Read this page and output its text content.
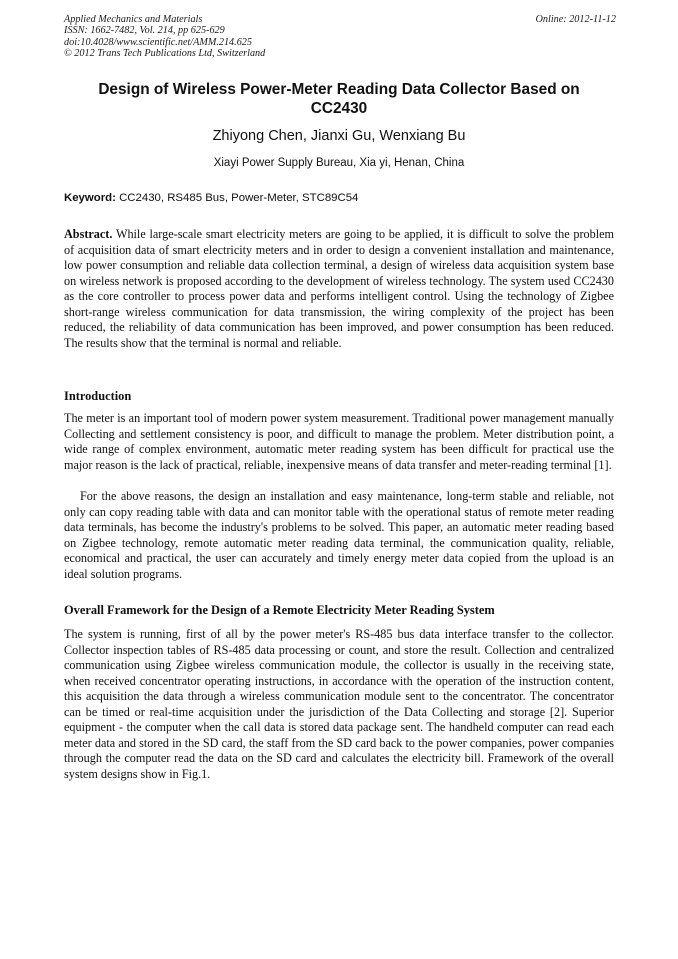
Applied Mechanics and Materials
ISSN: 1662-7482, Vol. 214, pp 625-629
doi:10.4028/www.scientific.net/AMM.214.625
© 2012 Trans Tech Publications Ltd, Switzerland
Online: 2012-11-12
Design of Wireless Power-Meter Reading Data Collector Based on CC2430
Zhiyong Chen, Jianxi Gu, Wenxiang Bu
Xiayi Power Supply Bureau, Xia yi, Henan, China
Keyword: CC2430, RS485 Bus, Power-Meter, STC89C54

Abstract. While large-scale smart electricity meters are going to be applied, it is difficult to solve the problem of acquisition data of smart electricity meters and in order to design a convenient installation and maintenance, low power consumption and reliable data collection terminal, a design of wireless data acquisition system base on wireless network is proposed according to the development of wireless technology. The system used CC2430 as the core controller to process power data and performs intelligent control. Using the technology of Zigbee short-range wireless communication for data transmission, the wiring complexity of the project has been reduced, the reliability of data communication has been improved, and power consumption has been reduced. The results show that the terminal is normal and reliable.

Introduction

The meter is an important tool of modern power system measurement. Traditional power management manually Collecting and settlement consistency is poor, and difficult to manage the problem. Meter distribution point, a wide range of complex environment, automatic meter reading system has been difficult for practical use the major reason is the lack of practical, reliable, inexpensive means of data transfer and meter-reading terminal [1].

For the above reasons, the design an installation and easy maintenance, long-term stable and reliable, not only can copy reading table with data and can monitor table with the operational status of remote meter reading data terminals, has become the industry's problems to be solved. This paper, an automatic meter reading based on Zigbee technology, remote automatic meter reading data terminal, the communication quality, reliable, economical and practical, the user can accurately and timely energy meter data copied from the upload is an ideal solution programs.

Overall Framework for the Design of a Remote Electricity Meter Reading System

The system is running, first of all by the power meter's RS-485 bus data interface transfer to the collector. Collector inspection tables of RS-485 data processing or count, and store the result. Collection and centralized communication using Zigbee wireless communication module, the collector is usually in the receiving state, when received concentrator operating instructions, in accordance with the operation of the instruction content, this acquisition the data through a wireless communication module sent to the concentrator. The concentrator can be timed or real-time acquisition under the jurisdiction of the Data Collecting and storage [2]. Superior equipment - the computer when the call data is stored data package sent. The handheld computer can read each meter data and stored in the SD card, the staff from the SD card back to the power companies, power companies through the computer read the data on the SD card and calculates the electricity bill. Framework of the overall system designs show in Fig.1.
